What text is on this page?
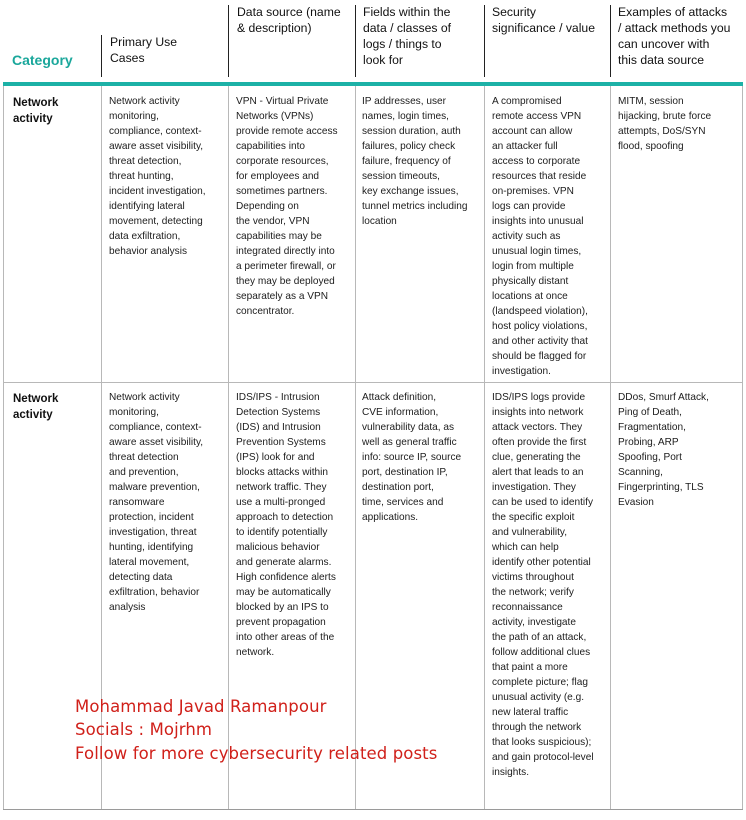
Category
Primary Use
Cases
Data source (name
& description)
Fields within the
data / classes of
logs / things to
look for
Security
significance / value
Examples of attacks
/ attack methods you
can uncover with
this data source
Network
activity
Network activity
monitoring,
compliance, context-
aware asset visibility,
threat detection,
threat hunting,
incident investigation,
identifying lateral
movement, detecting
data exfiltration,
behavior analysis
VPN - Virtual Private
Networks (VPNs)
provide remote access
capabilities into
corporate resources,
for employees and
sometimes partners.
Depending on
the vendor, VPN
capabilities may be
integrated directly into
a perimeter firewall, or
they may be deployed
separately as a VPN
concentrator.
IP addresses, user
names, login times,
session duration, auth
failures, policy check
failure, frequency of
session timeouts,
key exchange issues,
tunnel metrics including
location
A compromised
remote access VPN
account can allow
an attacker full
access to corporate
resources that reside
on-premises. VPN
logs can provide
insights into unusual
activity such as
unusual login times,
login from multiple
physically distant
locations at once
(landspeed violation),
host policy violations,
and other activity that
should be flagged for
investigation.
MITM, session
hijacking, brute force
attempts, DoS/SYN
flood, spoofing
Network
activity
Network activity
monitoring,
compliance, context-
aware asset visibility,
threat detection
and prevention,
malware prevention,
ransomware
protection, incident
investigation, threat
hunting, identifying
lateral movement,
detecting data
exfiltration, behavior
analysis
IDS/IPS - Intrusion
Detection Systems
(IDS) and Intrusion
Prevention Systems
(IPS) look for and
blocks attacks within
network traffic. They
use a multi-pronged
approach to detection
to identify potentially
malicious behavior
and generate alarms.
High confidence alerts
may be automatically
blocked by an IPS to
prevent propagation
into other areas of the
network.
Attack definition,
CVE information,
vulnerability data, as
well as general traffic
info: source IP, source
port, destination IP,
destination port,
time, services and
applications.
IDS/IPS logs provide
insights into network
attack vectors. They
often provide the first
clue, generating the
alert that leads to an
investigation. They
can be used to identify
the specific exploit
and vulnerability,
which can help
identify other potential
victims throughout
the network; verify
reconnaissance
activity, investigate
the path of an attack,
follow additional clues
that paint a more
complete picture; flag
unusual activity (e.g.
new lateral traffic
through the network
that looks suspicious);
and gain protocol-level
insights.
DDos, Smurf Attack,
Ping of Death,
Fragmentation,
Probing, ARP
Spoofing, Port
Scanning,
Fingerprinting, TLS
Evasion
Mohammad Javad Ramanpour
Socials : Mojrhm
Follow for more cybersecurity related posts
